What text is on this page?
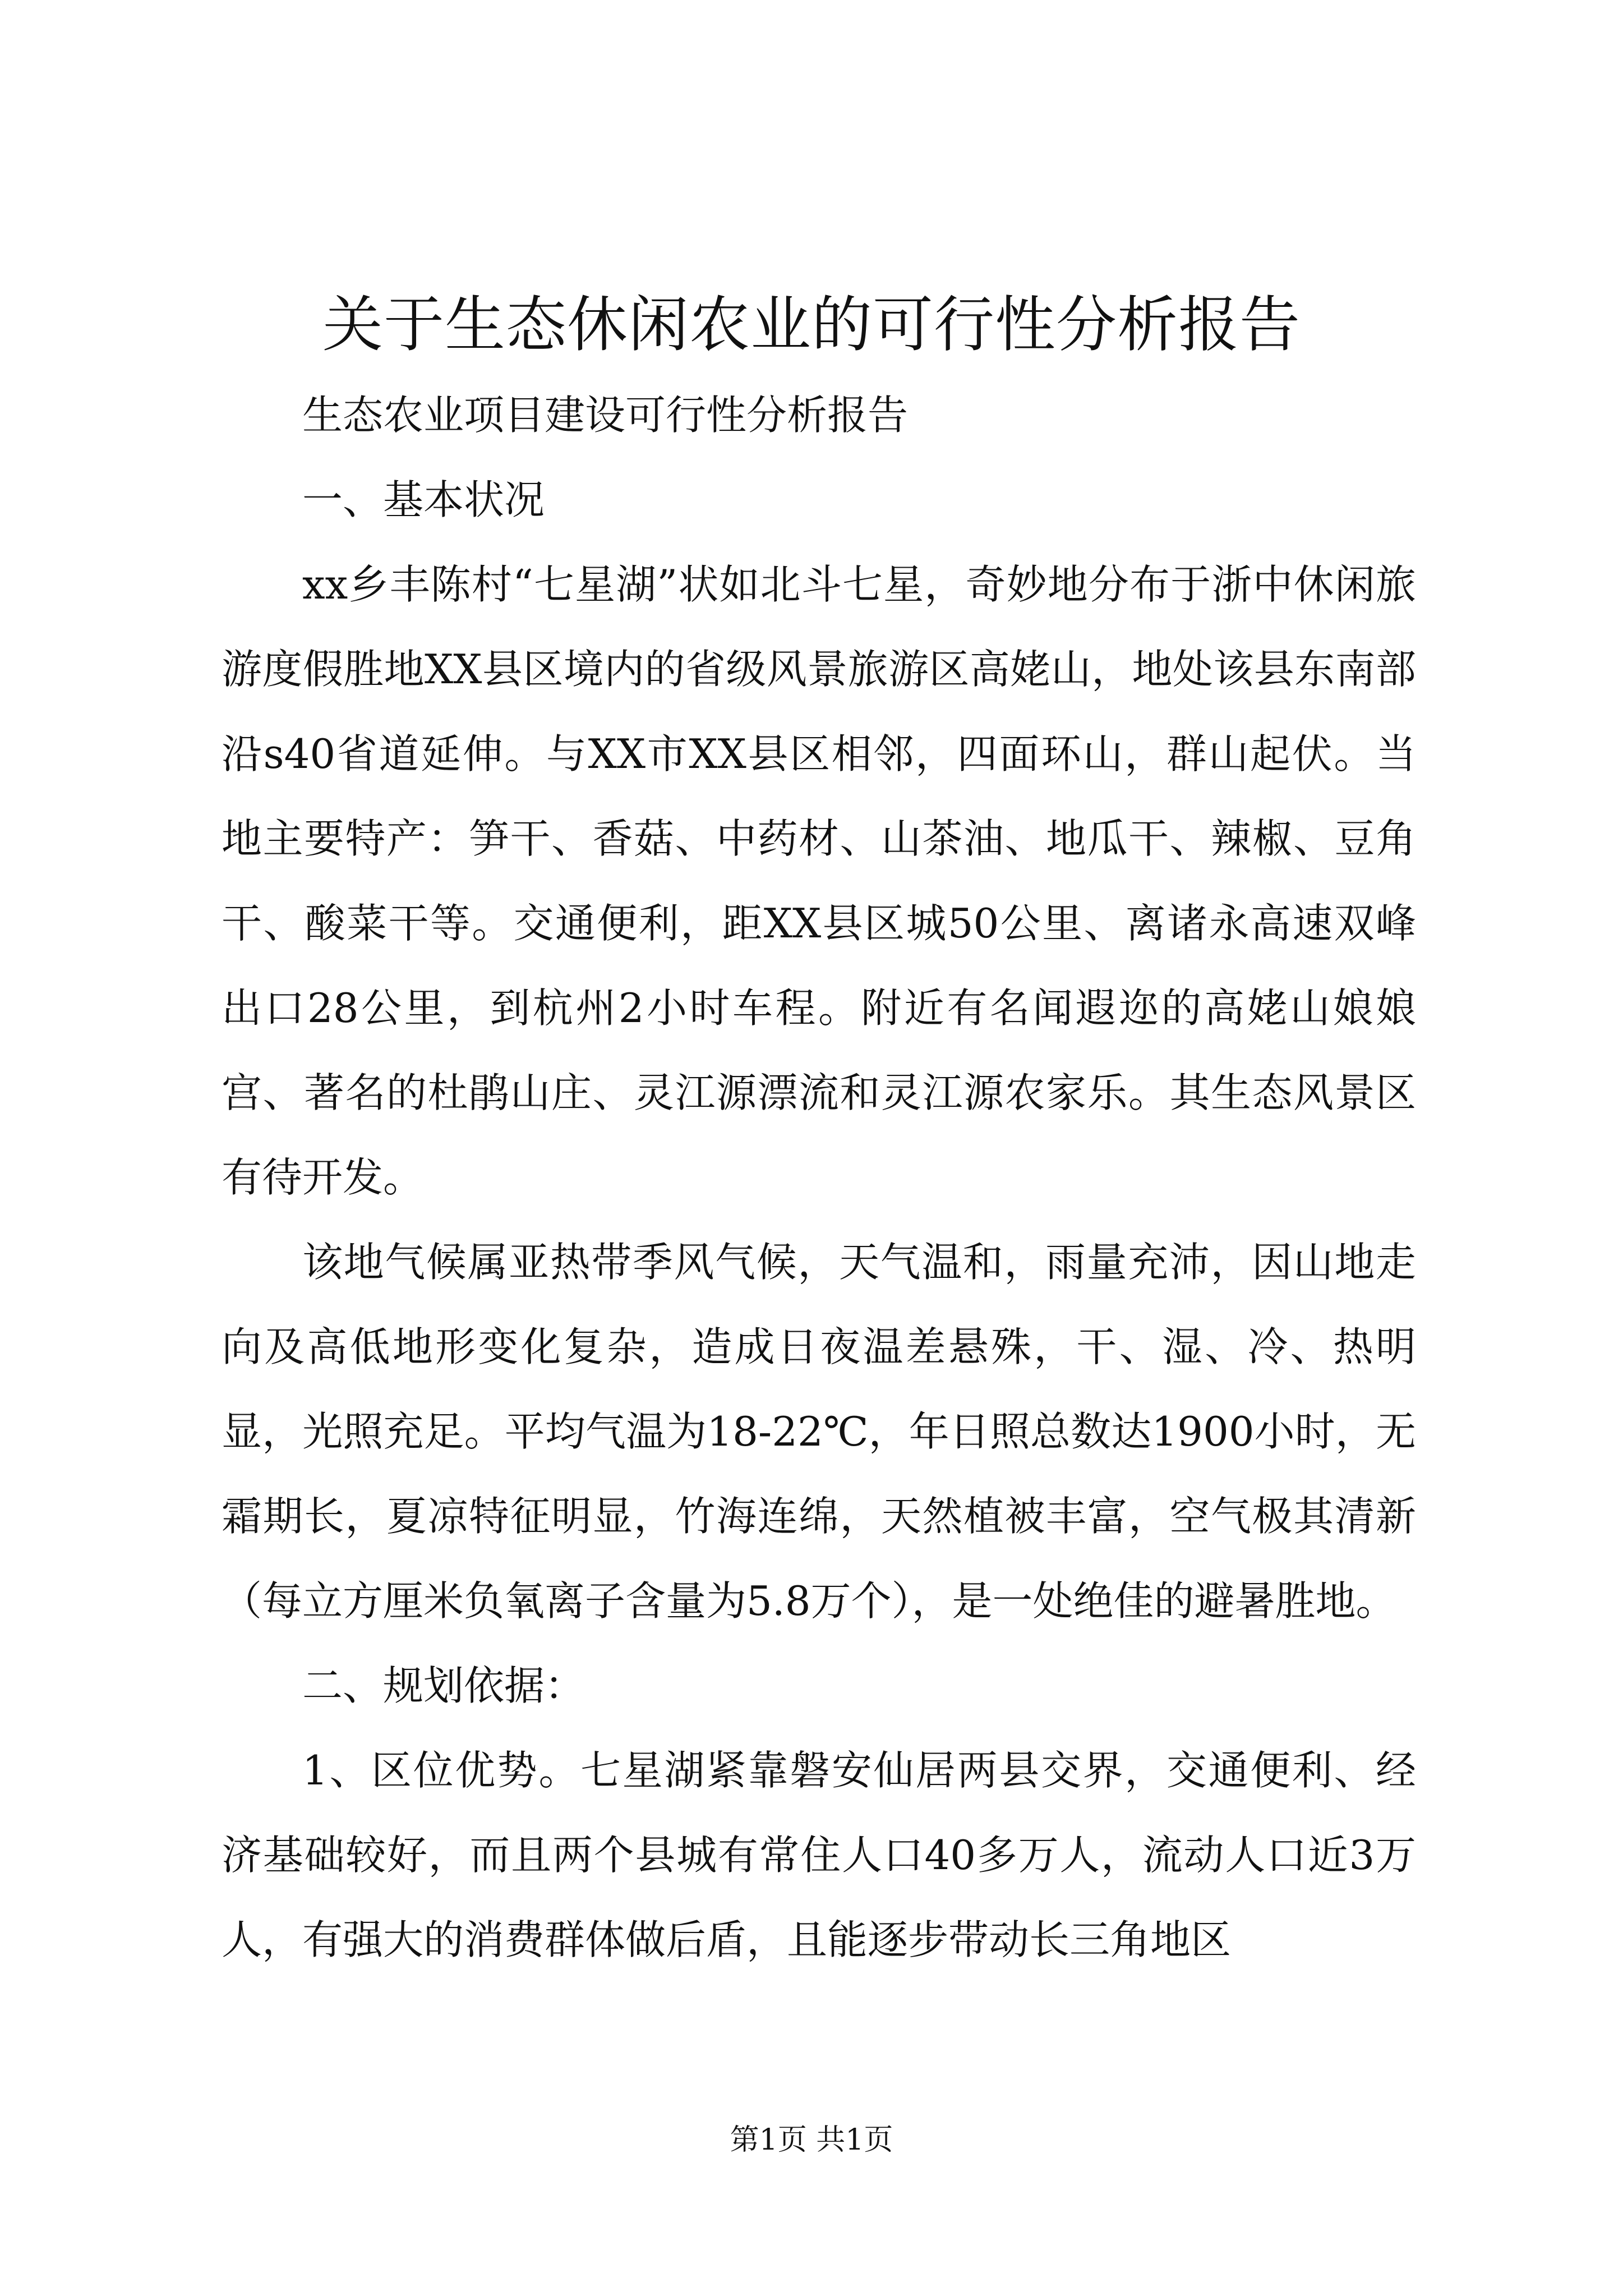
关于生态休闲农业的可行性分析报告

生态农业项目建设可行性分析报告

一、基本状况

xx乡丰陈村“七星湖”状如北斗七星，奇妙地分布于浙中休闲旅游度假胜地XX县区境内的省级风景旅游区高姥山，地处该县东南部沿s40省道延伸。与XX市XX县区相邻，四面环山，群山起伏。当地主要特产：笋干、香菇、中药材、山茶油、地瓜干、辣椒、豆角干、酸菜干等。交通便利，距XX县区城50公里、离诸永高速双峰出口28公里，到杭州2小时车程。附近有名闻遐迩的高姥山娘娘宫、著名的杜鹃山庄、灵江源漂流和灵江源农家乐。其生态风景区有待开发。

该地气候属亚热带季风气候，天气温和，雨量充沛，因山地走向及高低地形变化复杂，造成日夜温差悬殊，干、湿、冷、热明显，光照充足。平均气温为18-22℃，年日照总数达1900小时，无霜期长，夏凉特征明显，竹海连绵，天然植被丰富，空气极其清新（每立方厘米负氧离子含量为5.8万个），是一处绝佳的避暑胜地。

二、规划依据：

1、区位优势。七星湖紧靠磐安仙居两县交界，交通便利、经济基础较好，而且两个县城有常住人口40多万人，流动人口近3万人，有强大的消费群体做后盾，且能逐步带动长三角地区

第1页 共1页
